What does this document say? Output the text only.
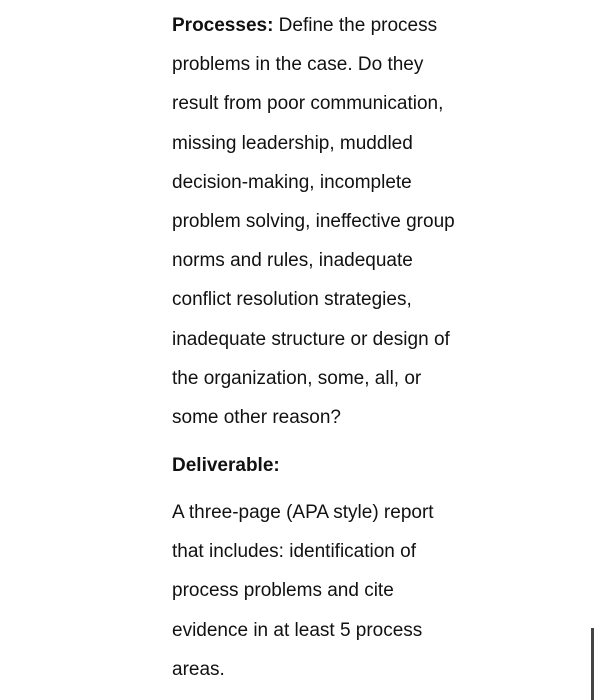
Processes: Define the process
problems in the case. Do they
result from poor communication,
missing leadership, muddled
decision-making, incomplete
problem solving, ineffective group
norms and rules, inadequate
conflict resolution strategies,
inadequate structure or design of
the organization, some, all, or
some other reason?
Deliverable:
A three-page (APA style) report
that includes: identification of
process problems and cite
evidence in at least 5 process
areas.
